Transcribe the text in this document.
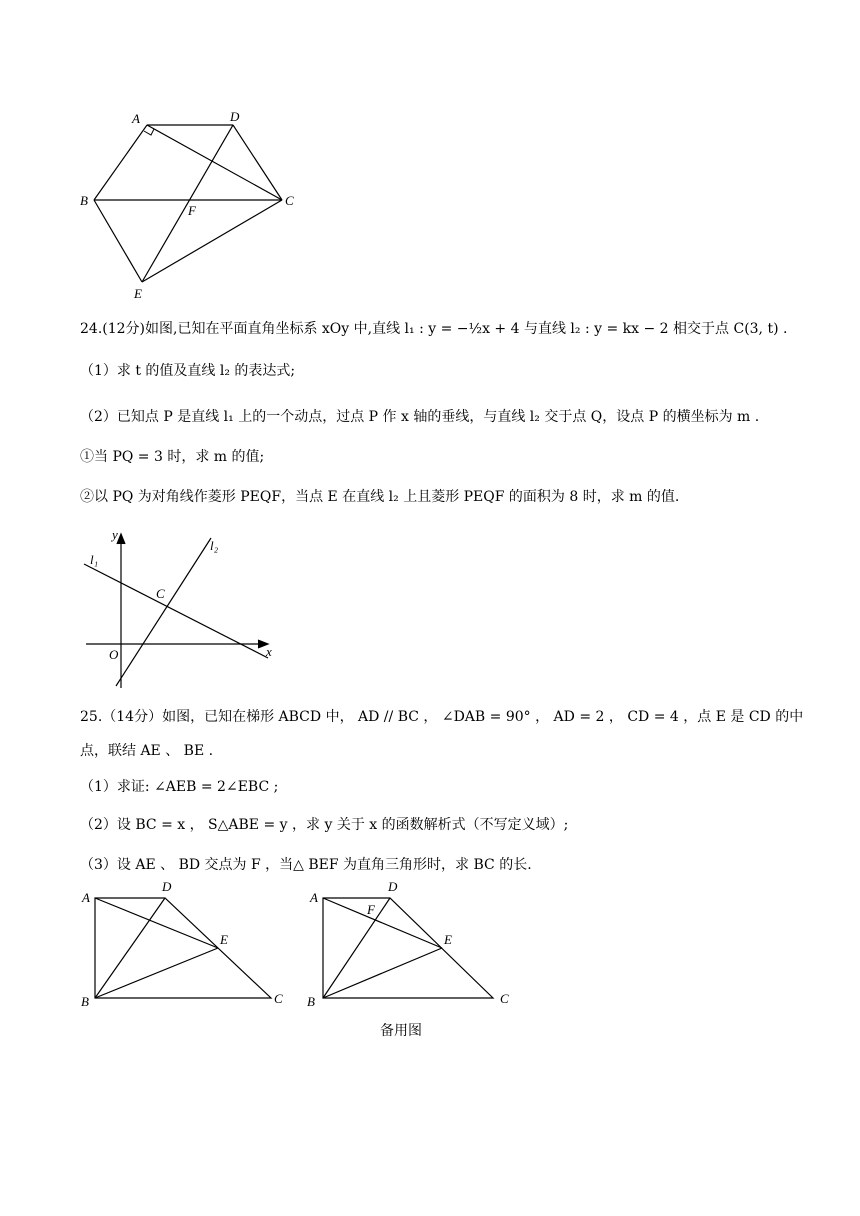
A	D
B	C
F
E
24.(12分)如图,已知在平面直角坐标系 xOy 中,直线 l₁ : y = −½x + 4 与直线 l₂ : y = kx − 2 相交于点 C(3, t) .
（1）求 t 的值及直线 l₂ 的表达式;
（2）已知点 P 是直线 l₁ 上的一个动点，过点 P 作 x 轴的垂线，与直线 l₂ 交于点 Q，设点 P 的横坐标为 m .
①当 PQ = 3 时，求 m 的值;
②以 PQ 为对角线作菱形 PEQF，当点 E 在直线 l₂ 上且菱形 PEQF 的面积为 8 时，求 m 的值.
y
x
O
C
l₁
l₂
25.（14分）如图，已知在梯形 ABCD 中， AD // BC ， ∠DAB = 90° ， AD = 2 ， CD = 4 ，点 E 是 CD 的中
点，联结 AE 、 BE .
（1）求证: ∠AEB = 2∠EBC ;
（2）设 BC = x ， S△ABE = y ，求 y 关于 x 的函数解析式（不写定义域）;
（3）设 AE 、 BD 交点为 F ，当△ BEF 为直角三角形时，求 BC 的长.
A
D
E
B	C
A
D
F
E
B	C
备用图
